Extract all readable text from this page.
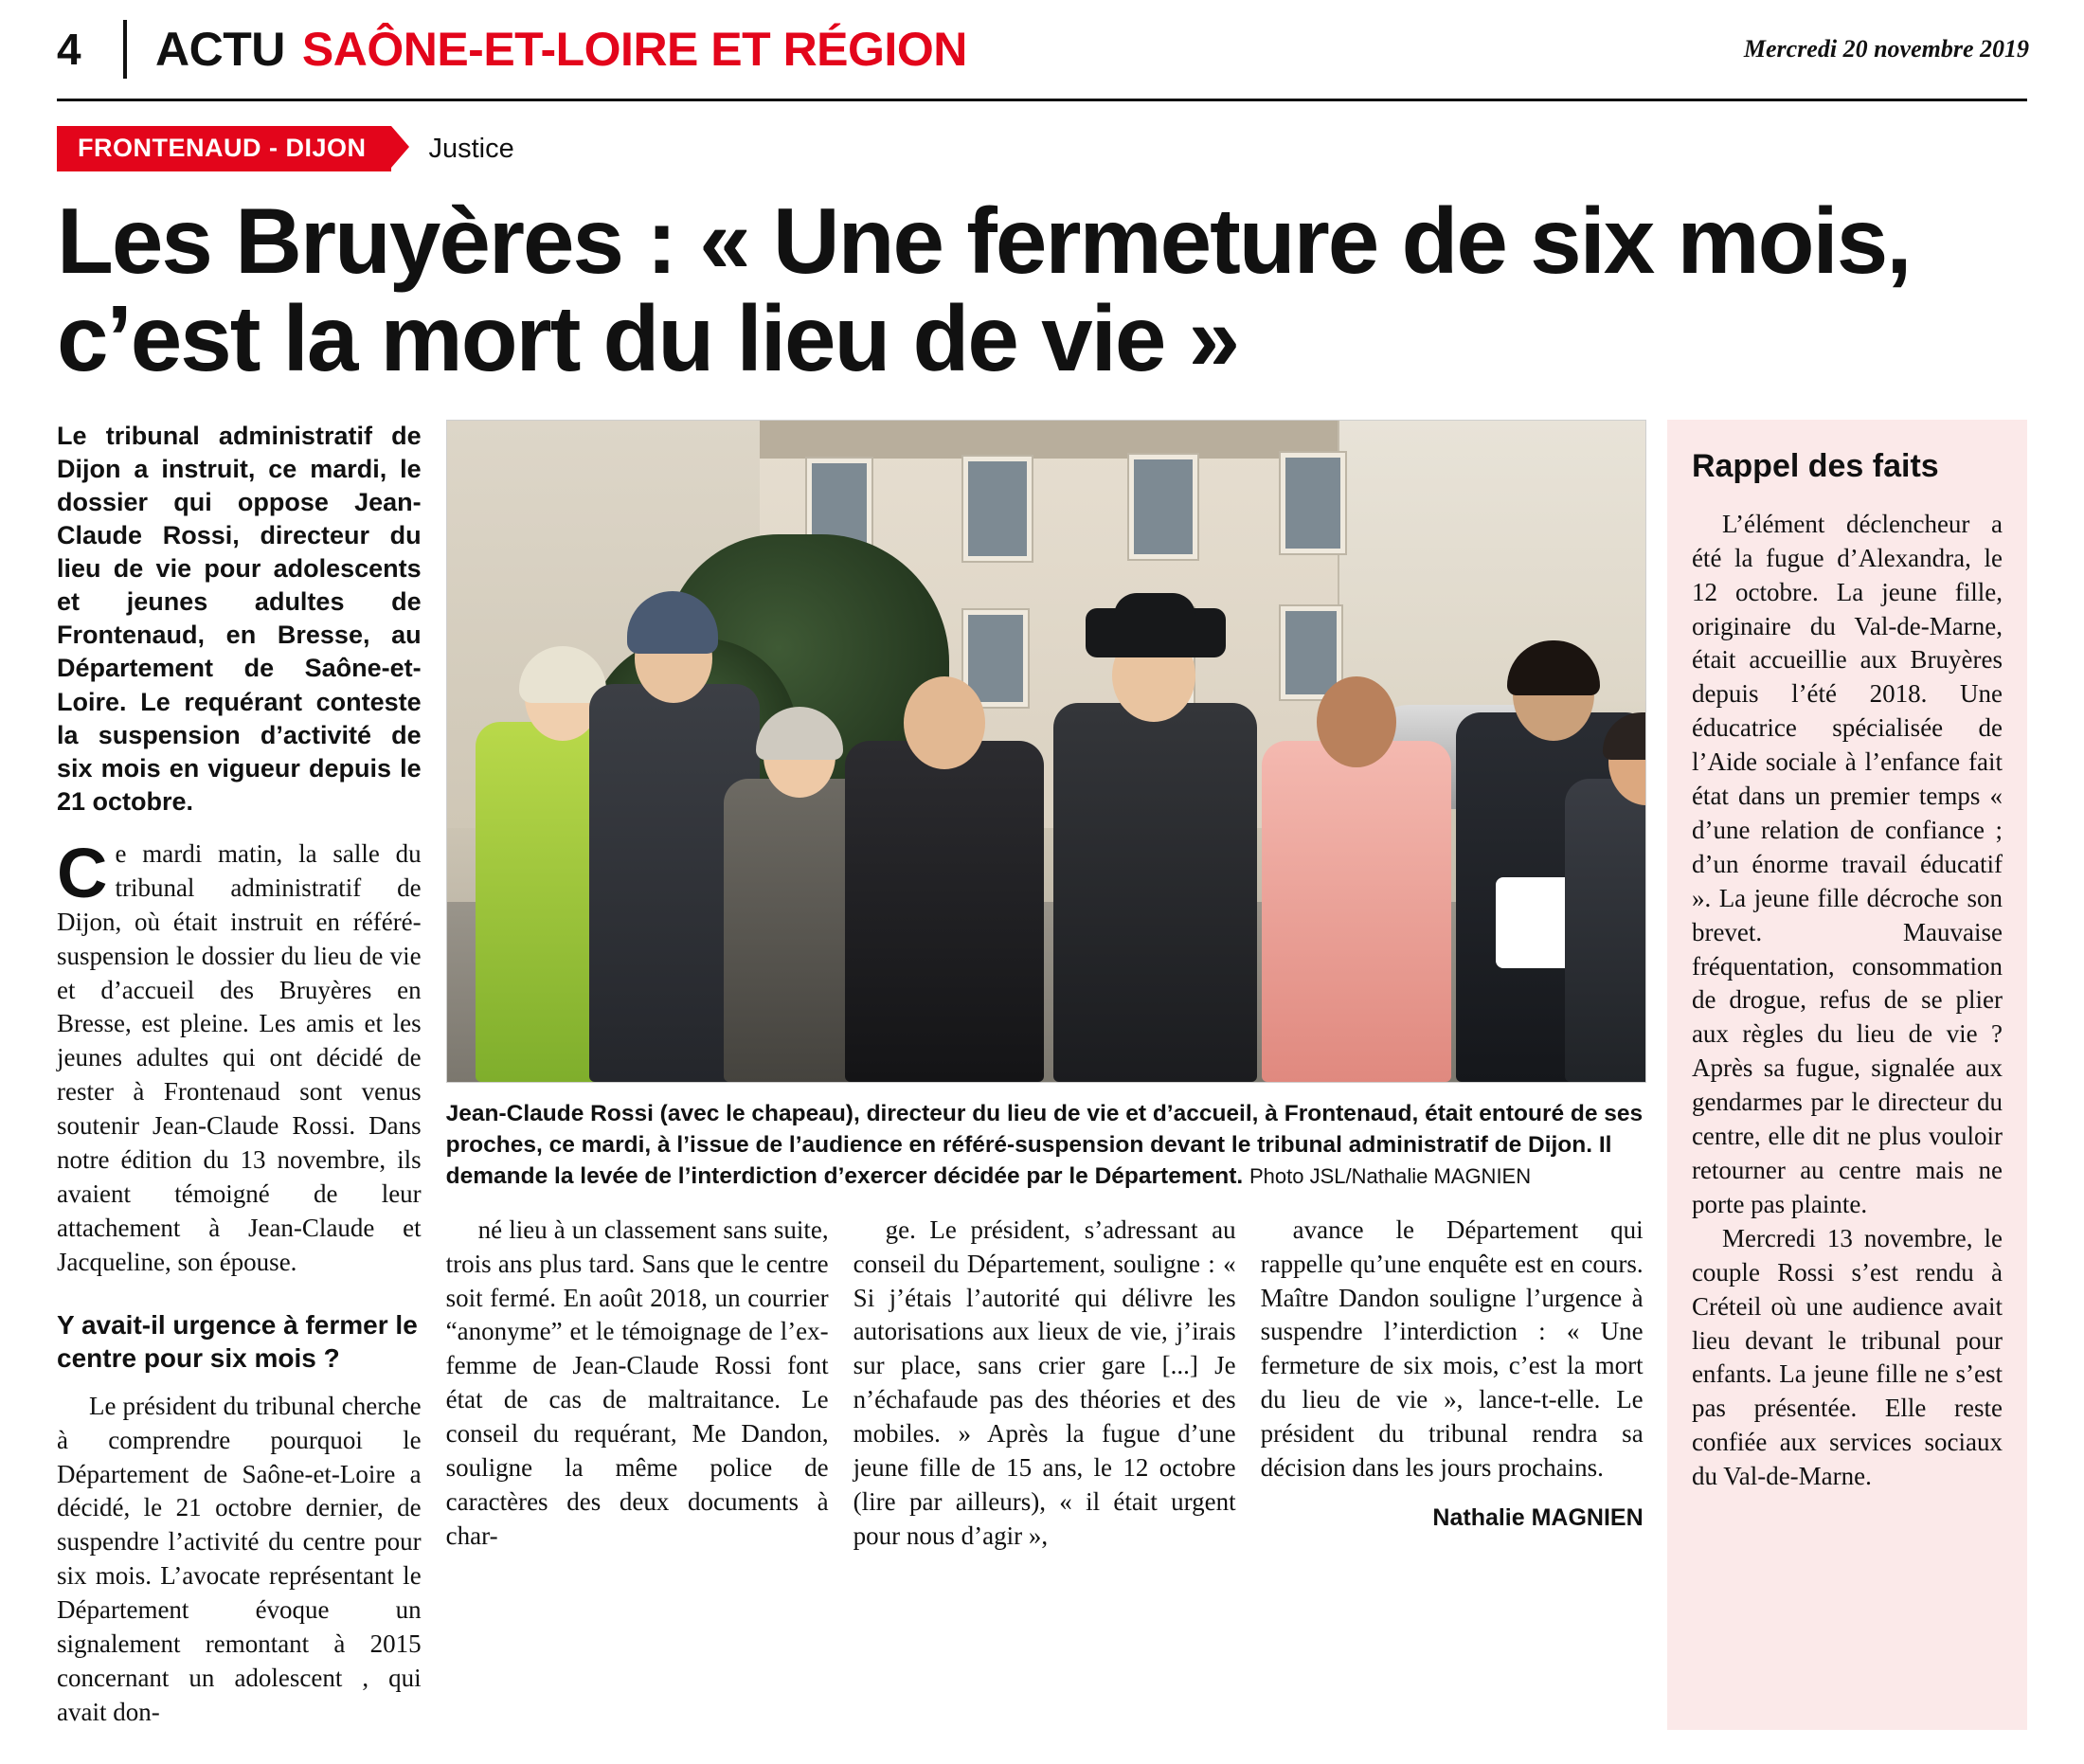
4	ACTU SAÔNE-ET-LOIRE ET RÉGION	Mercredi 20 novembre 2019
FRONTENAUD - DIJON	Justice
Les Bruyères : « Une fermeture de six mois, c’est la mort du lieu de vie »
Le tribunal administratif de Dijon a instruit, ce mardi, le dossier qui oppose Jean-Claude Rossi, directeur du lieu de vie pour adolescents et jeunes adultes de Frontenaud, en Bresse, au Département de Saône-et-Loire. Le requérant conteste la suspension d’activité de six mois en vigueur depuis le 21 octobre.
Ce mardi matin, la salle du tribunal administratif de Dijon, où était instruit en référé-suspension le dossier du lieu de vie et d’accueil des Bruyères en Bresse, est pleine. Les amis et les jeunes adultes qui ont décidé de rester à Frontenaud sont venus soutenir Jean-Claude Rossi. Dans notre édition du 13 novembre, ils avaient témoigné de leur attachement à Jean-Claude et Jacqueline, son épouse.
Y avait-il urgence à fermer le centre pour six mois ?

Le président du tribunal cherche à comprendre pourquoi le Département de Saône-et-Loire a décidé, le 21 octobre dernier, de suspendre l’activité du centre pour six mois. L’avocate représentant le Département évoque un signalement remontant à 2015 concernant un adolescent , qui avait don-

Jean-Claude Rossi (avec le chapeau), directeur du lieu de vie et d’accueil, à Frontenaud, était entouré de ses proches, ce mardi, à l’issue de l’audience en référé-suspension devant le tribunal administratif de Dijon. Il demande la levée de l’interdiction d’exercer décidée par le Département. Photo JSL/Nathalie MAGNIEN

né lieu à un classement sans suite, trois ans plus tard. Sans que le centre soit fermé. En août 2018, un courrier “anonyme” et le témoignage de l’ex-femme de Jean-Claude Rossi font état de cas de maltraitance. Le conseil du requérant, Me Dandon, souligne la même police de caractères des deux documents à char-

ge. Le président, s’adressant au conseil du Département, souligne : « Si j’étais l’autorité qui délivre les autorisations aux lieux de vie, j’irais sur place, sans crier gare [...] Je n’échafaude pas des théories et des mobiles. » Après la fugue d’une jeune fille de 15 ans, le 12 octobre (lire par ailleurs), « il était urgent pour nous d’agir »,

avance le Département qui rappelle qu’une enquête est en cours. Maître Dandon souligne l’urgence à suspendre l’interdiction : « Une fermeture de six mois, c’est la mort du lieu de vie », lance-t-elle. Le président du tribunal rendra sa décision dans les jours prochains.

Nathalie MAGNIEN
Rappel des faits

L’élément déclencheur a été la fugue d’Alexandra, le 12 octobre. La jeune fille, originaire du Val-de-Marne, était accueillie aux Bruyères depuis l’été 2018. Une éducatrice spécialisée de l’Aide sociale à l’enfance fait état dans un premier temps « d’une relation de confiance ; d’un énorme travail éducatif ». La jeune fille décroche son brevet. Mauvaise fréquentation, consommation de drogue, refus de se plier aux règles du lieu de vie ? Après sa fugue, signalée aux gendarmes par le directeur du centre, elle dit ne plus vouloir retourner au centre mais ne porte pas plainte.

Mercredi 13 novembre, le couple Rossi s’est rendu à Créteil où une audience avait lieu devant le tribunal pour enfants. La jeune fille ne s’est pas présentée. Elle reste confiée aux services sociaux du Val-de-Marne.
